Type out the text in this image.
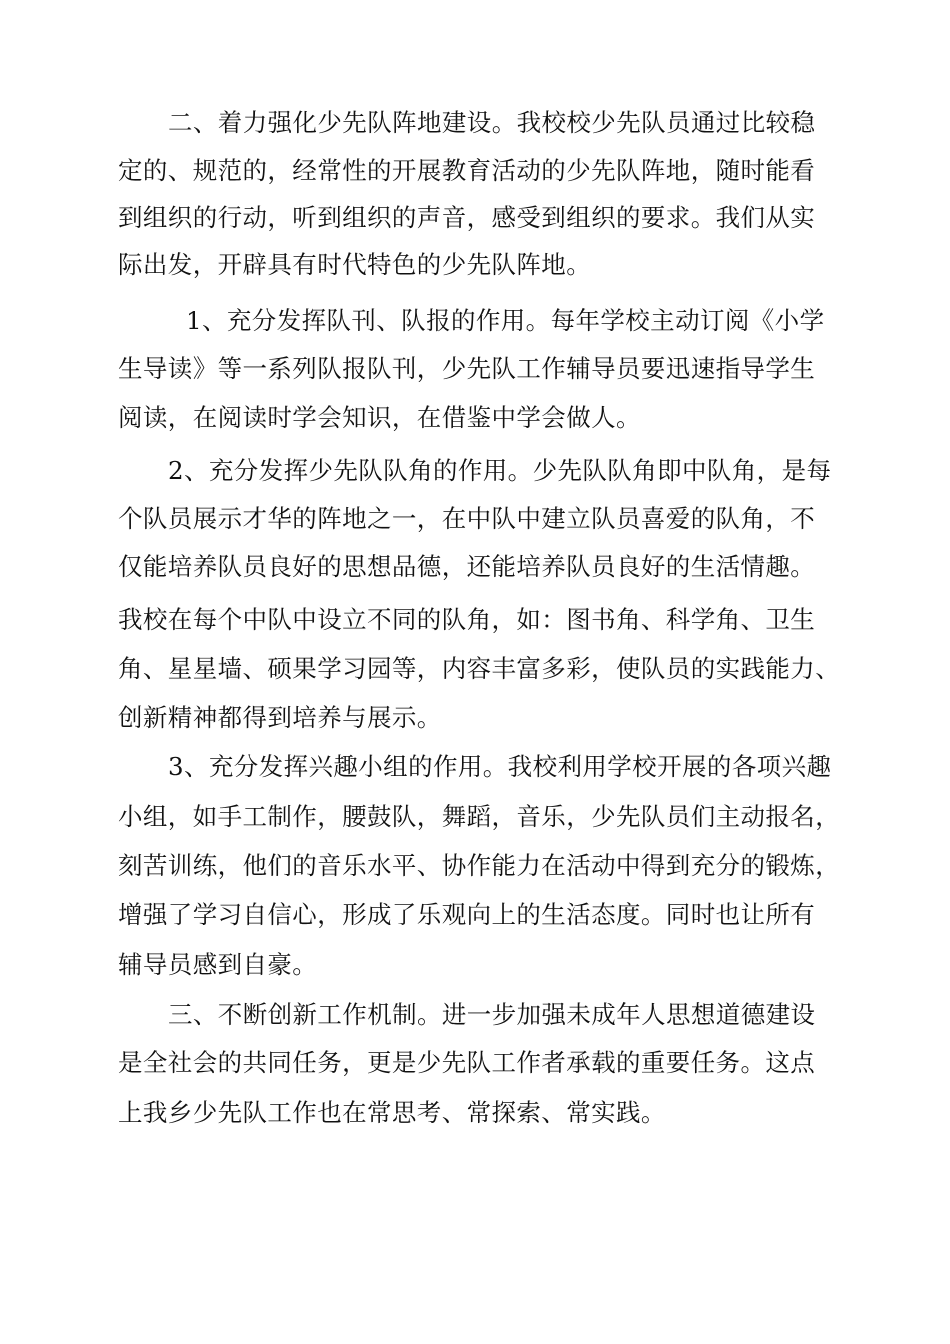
二、着力强化少先队阵地建设。我校校少先队员通过比较稳
定的、规范的，经常性的开展教育活动的少先队阵地，随时能看
到组织的行动，听到组织的声音，感受到组织的要求。我们从实
际出发，开辟具有时代特色的少先队阵地。
1、充分发挥队刊、队报的作用。每年学校主动订阅《小学
生导读》等一系列队报队刊，少先队工作辅导员要迅速指导学生
阅读，在阅读时学会知识，在借鉴中学会做人。
2、充分发挥少先队队角的作用。少先队队角即中队角，是每
个队员展示才华的阵地之一，在中队中建立队员喜爱的队角，不
仅能培养队员良好的思想品德，还能培养队员良好的生活情趣。
我校在每个中队中设立不同的队角，如：图书角、科学角、卫生
角、星星墙、硕果学习园等，内容丰富多彩，使队员的实践能力、
创新精神都得到培养与展示。
3、充分发挥兴趣小组的作用。我校利用学校开展的各项兴趣
小组，如手工制作，腰鼓队，舞蹈，音乐，少先队员们主动报名，
刻苦训练，他们的音乐水平、协作能力在活动中得到充分的锻炼，
增强了学习自信心，形成了乐观向上的生活态度。同时也让所有
辅导员感到自豪。
三、不断创新工作机制。进一步加强未成年人思想道德建设
是全社会的共同任务，更是少先队工作者承载的重要任务。这点
上我乡少先队工作也在常思考、常探索、常实践。
